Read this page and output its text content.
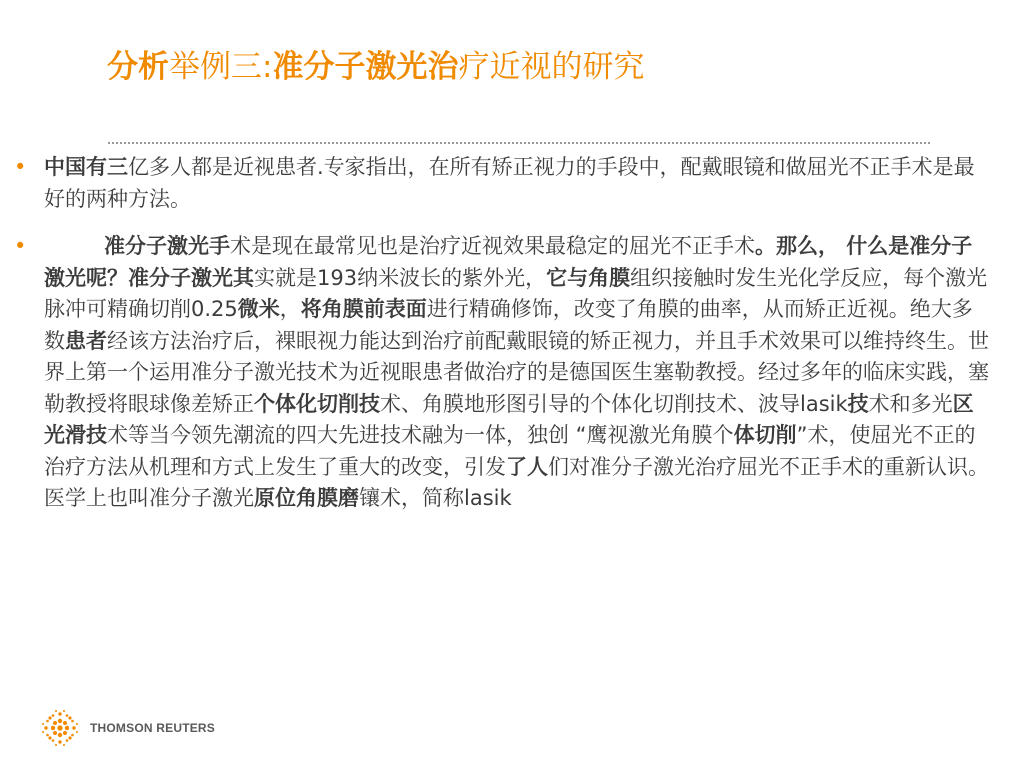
分析举例三:准分子激光治疗近视的研究
• 中国有三亿多人都是近视患者.专家指出，在所有矫正视力的手段中，配戴眼镜和做屈光不正手术是最好的两种方法。
•	准分子激光手术是现在最常见也是治疗近视效果最稳定的屈光不正手术。那么， 什么是准分子激光呢？准分子激光其实就是193纳米波长的紫外光，它与角膜组织接触时发生光化学反应，每个激光脉冲可精确切削0.25微米，将角膜前表面进行精确修饰，改变了角膜的曲率，从而矫正近视。绝大多数患者经该方法治疗后，裸眼视力能达到治疗前配戴眼镜的矫正视力，并且手术效果可以维持终生。世界上第一个运用准分子激光技术为近视眼患者做治疗的是德国医生塞勒教授。经过多年的临床实践，塞勒教授将眼球像差矫正个体化切削技术、角膜地形图引导的个体化切削技术、波导lasik技术和多光区光滑技术等当今领先潮流的四大先进技术融为一体，独创 “鹰视激光角膜个体切削”术，使屈光不正的治疗方法从机理和方式上发生了重大的改变，引发了人们对准分子激光治疗屈光不正手术的重新认识。医学上也叫准分子激光原位角膜磨镶术，简称lasik
THOMSON REUTERS
